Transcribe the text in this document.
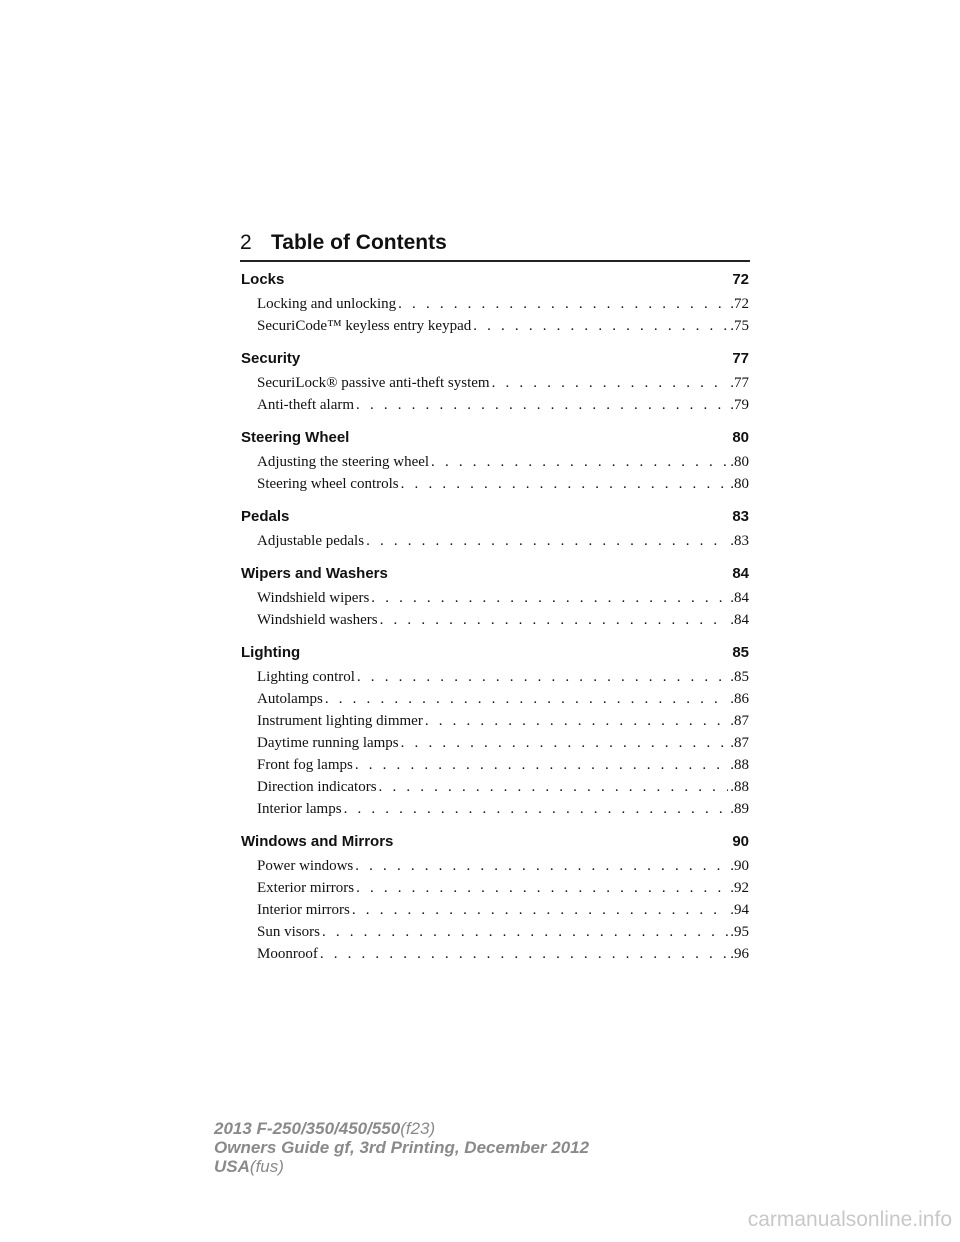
2 Table of Contents
Locks	72
Locking and unlocking . . .	.72
SecuriCode™ keyless entry keypad . . .	.75
Security	77
SecuriLock® passive anti-theft system . . .	.77
Anti-theft alarm . . .	.79
Steering Wheel	80
Adjusting the steering wheel . . .	.80
Steering wheel controls . . .	.80
Pedals	83
Adjustable pedals . . .	.83
Wipers and Washers	84
Windshield wipers . . .	.84
Windshield washers . . .	.84
Lighting	85
Lighting control . . .	.85
Autolamps . . .	.86
Instrument lighting dimmer . . .	.87
Daytime running lamps . . .	.87
Front fog lamps . . .	.88
Direction indicators . . .	.88
Interior lamps . . .	.89
Windows and Mirrors	90
Power windows . . .	.90
Exterior mirrors . . .	.92
Interior mirrors . . .	.94
Sun visors . . .	.95
Moonroof . . .	.96
2013 F-250/350/450/550(f23)
Owners Guide gf, 3rd Printing, December 2012
USA(fus)
carmanualsonline.info
